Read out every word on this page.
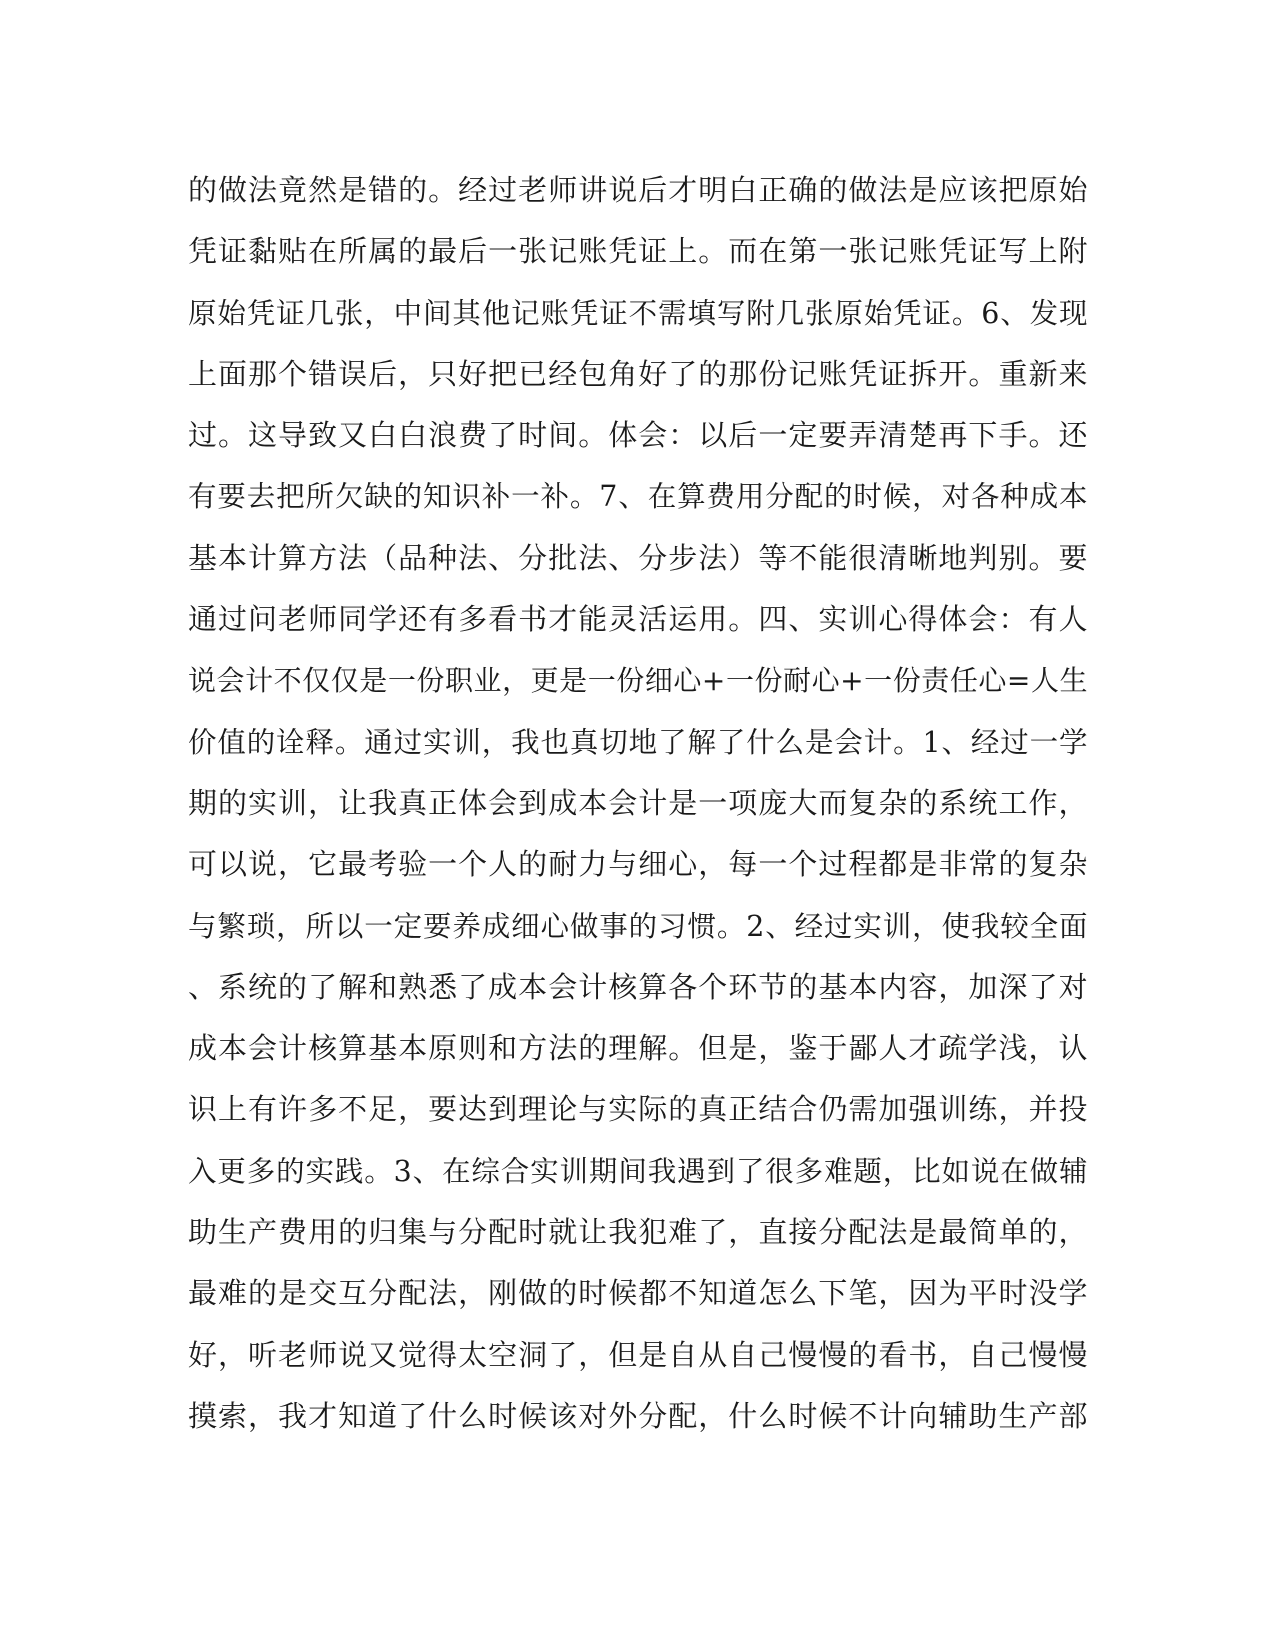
的做法竟然是错的。经过老师讲说后才明白正确的做法是应该把原始
凭证黏贴在所属的最后一张记账凭证上。而在第一张记账凭证写上附
原始凭证几张，中间其他记账凭证不需填写附几张原始凭证。6、发现
上面那个错误后，只好把已经包角好了的那份记账凭证拆开。重新来
过。这导致又白白浪费了时间。体会：以后一定要弄清楚再下手。还
有要去把所欠缺的知识补一补。7、在算费用分配的时候，对各种成本
基本计算方法（品种法、分批法、分步法）等不能很清晰地判别。要
通过问老师同学还有多看书才能灵活运用。四、实训心得体会：有人
说会计不仅仅是一份职业，更是一份细心+一份耐心+一份责任心=人生
价值的诠释。通过实训，我也真切地了解了什么是会计。1、经过一学
期的实训，让我真正体会到成本会计是一项庞大而复杂的系统工作，
可以说，它最考验一个人的耐力与细心，每一个过程都是非常的复杂
与繁琐，所以一定要养成细心做事的习惯。2、经过实训，使我较全面
、系统的了解和熟悉了成本会计核算各个环节的基本内容，加深了对
成本会计核算基本原则和方法的理解。但是，鉴于鄙人才疏学浅，认
识上有许多不足，要达到理论与实际的真正结合仍需加强训练，并投
入更多的实践。3、在综合实训期间我遇到了很多难题，比如说在做辅
助生产费用的归集与分配时就让我犯难了，直接分配法是最简单的，
最难的是交互分配法，刚做的时候都不知道怎么下笔，因为平时没学
好，听老师说又觉得太空洞了，但是自从自己慢慢的看书，自己慢慢
摸索，我才知道了什么时候该对外分配，什么时候不计向辅助生产部
